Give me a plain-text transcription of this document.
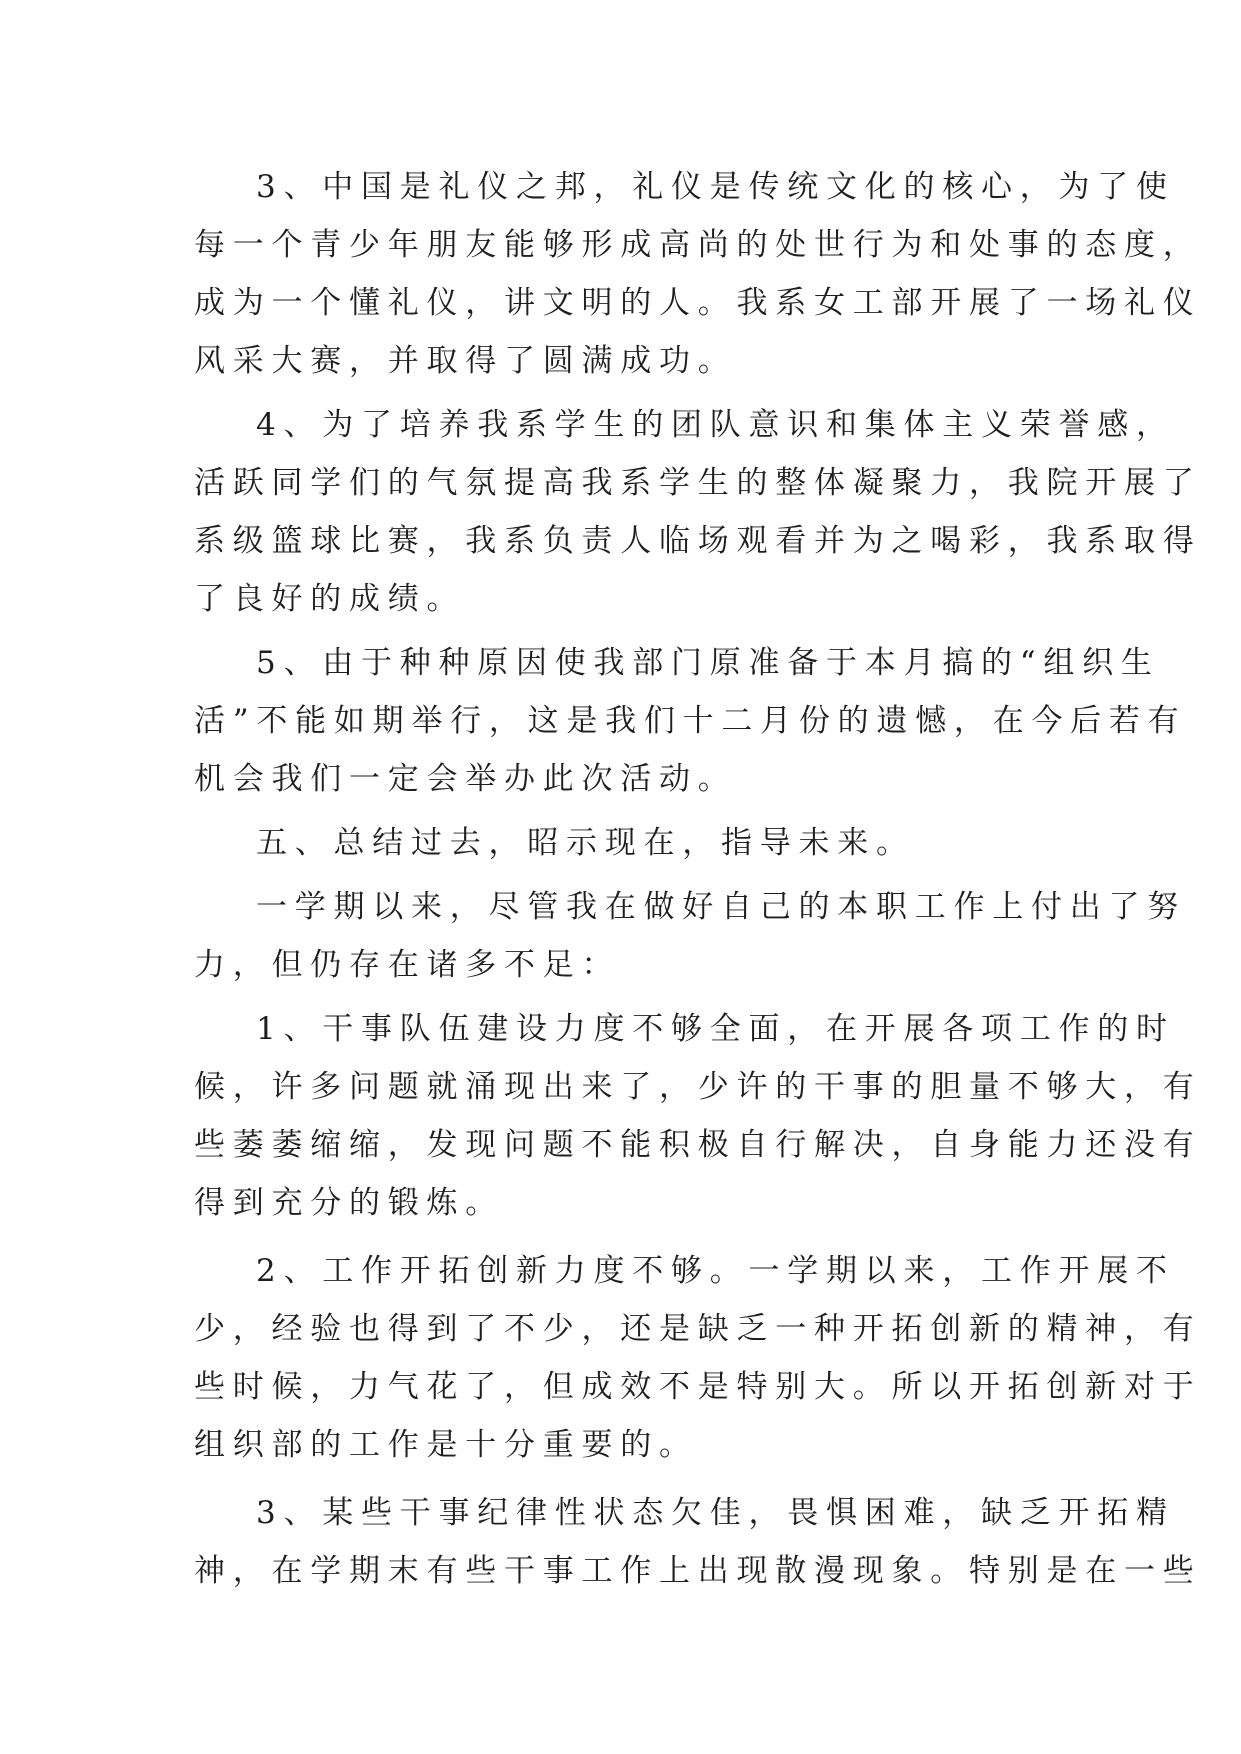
3、中国是礼仪之邦，礼仪是传统文化的核心，为了使
每一个青少年朋友能够形成高尚的处世行为和处事的态度，
成为一个懂礼仪，讲文明的人。我系女工部开展了一场礼仪
风采大赛，并取得了圆满成功。
4、为了培养我系学生的团队意识和集体主义荣誉感，
活跃同学们的气氛提高我系学生的整体凝聚力，我院开展了
系级篮球比赛，我系负责人临场观看并为之喝彩，我系取得
了良好的成绩。
5、由于种种原因使我部门原准备于本月搞的“组织生
活”不能如期举行，这是我们十二月份的遗憾，在今后若有
机会我们一定会举办此次活动。
五、总结过去，昭示现在，指导未来。
一学期以来，尽管我在做好自己的本职工作上付出了努
力，但仍存在诸多不足：
1、干事队伍建设力度不够全面，在开展各项工作的时
候，许多问题就涌现出来了，少许的干事的胆量不够大，有
些萎萎缩缩，发现问题不能积极自行解决，自身能力还没有
得到充分的锻炼。
2、工作开拓创新力度不够。一学期以来，工作开展不
少，经验也得到了不少，还是缺乏一种开拓创新的精神，有
些时候，力气花了，但成效不是特别大。所以开拓创新对于
组织部的工作是十分重要的。
3、某些干事纪律性状态欠佳，畏惧困难，缺乏开拓精
神，在学期末有些干事工作上出现散漫现象。特别是在一些
